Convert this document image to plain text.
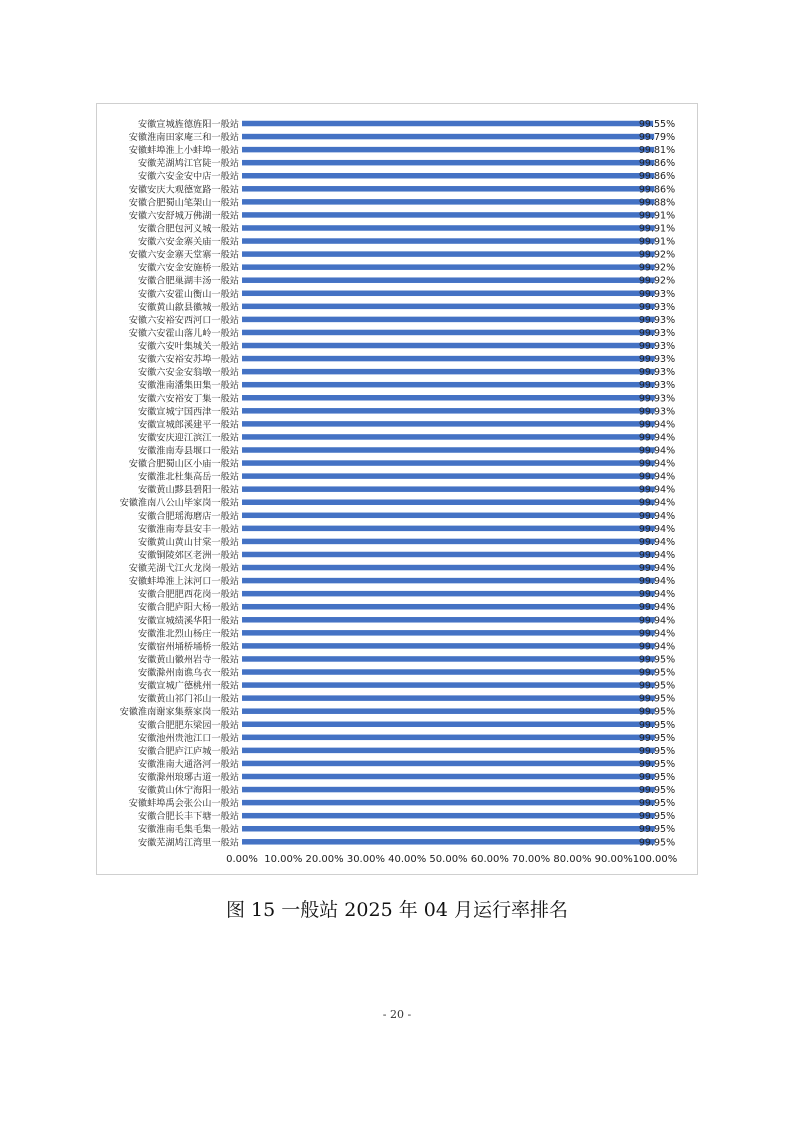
安徽宣城旌德旌阳一般站	99.55%
安徽淮南田家庵三和一般站	99.79%
安徽蚌埠淮上小蚌埠一般站	99.81%
安徽芜湖鸠江官陡一般站	99.86%
安徽六安金安中店一般站	99.86%
安徽安庆大观德宽路一般站	99.86%
安徽合肥蜀山笔架山一般站	99.88%
安徽六安舒城万佛湖一般站	99.91%
安徽合肥包河义城一般站	99.91%
安徽六安金寨关庙一般站	99.91%
安徽六安金寨天堂寨一般站	99.92%
安徽六安金安施桥一般站	99.92%
安徽合肥巢湖丰汤一般站	99.92%
安徽六安霍山衡山一般站	99.93%
安徽黄山歙县徽城一般站	99.93%
安徽六安裕安西河口一般站	99.93%
安徽六安霍山落儿岭一般站	99.93%
安徽六安叶集城关一般站	99.93%
安徽六安裕安苏埠一般站	99.93%
安徽六安金安翁墩一般站	99.93%
安徽淮南潘集田集一般站	99.93%
安徽六安裕安丁集一般站	99.93%
安徽宣城宁国西津一般站	99.93%
安徽宣城郎溪建平一般站	99.94%
安徽安庆迎江滨江一般站	99.94%
安徽淮南寿县堰口一般站	99.94%
安徽合肥蜀山区小庙一般站	99.94%
安徽淮北杜集高岳一般站	99.94%
安徽黄山黟县碧阳一般站	99.94%
安徽淮南八公山毕家岗一般站	99.94%
安徽合肥瑶海磨店一般站	99.94%
安徽淮南寿县安丰一般站	99.94%
安徽黄山黄山甘棠一般站	99.94%
安徽铜陵郊区老洲一般站	99.94%
安徽芜湖弋江火龙岗一般站	99.94%
安徽蚌埠淮上沫河口一般站	99.94%
安徽合肥肥西花岗一般站	99.94%
安徽合肥庐阳大杨一般站	99.94%
安徽宣城绩溪华阳一般站	99.94%
安徽淮北烈山杨庄一般站	99.94%
安徽宿州埇桥埇桥一般站	99.94%
安徽黄山徽州岩寺一般站	99.95%
安徽滁州南谯乌衣一般站	99.95%
安徽宣城广德桃州一般站	99.95%
安徽黄山祁门祁山一般站	99.95%
安徽淮南谢家集蔡家岗一般站	99.95%
安徽合肥肥东梁园一般站	99.95%
安徽池州贵池江口一般站	99.95%
安徽合肥庐江庐城一般站	99.95%
安徽淮南大通洛河一般站	99.95%
安徽滁州琅琊古道一般站	99.95%
安徽黄山休宁海阳一般站	99.95%
安徽蚌埠禹会张公山一般站	99.95%
安徽合肥长丰下塘一般站	99.95%
安徽淮南毛集毛集一般站	99.95%
安徽芜湖鸠江湾里一般站	99.95%
0.00% 10.00% 20.00% 30.00% 40.00% 50.00% 60.00% 70.00% 80.00% 90.00% 100.00%
图 15 一般站 2025 年 04 月运行率排名
- 20 -
